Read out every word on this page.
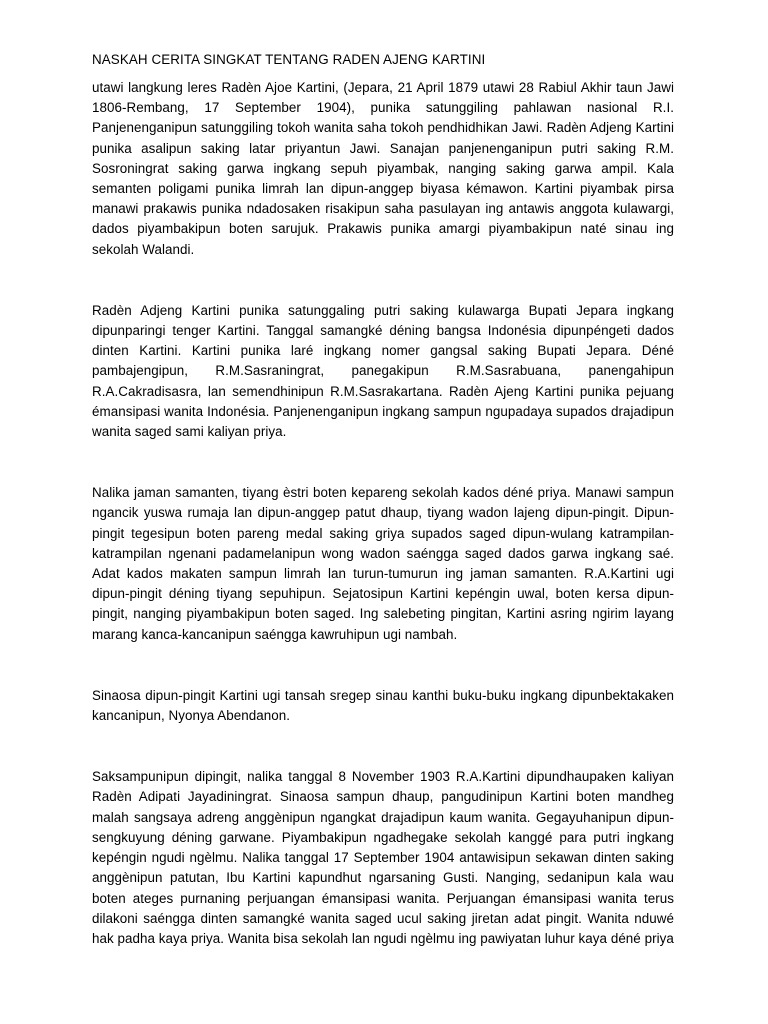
NASKAH CERITA SINGKAT TENTANG RADEN AJENG KARTINI

utawi langkung leres Radèn Ajoe Kartini, (Jepara, 21 April 1879 utawi 28 Rabiul Akhir taun Jawi 1806-Rembang, 17 September 1904), punika satunggiling pahlawan nasional R.I. Panjenenganipun satunggiling tokoh wanita saha tokoh pendhidhikan Jawi. Radèn Adjeng Kartini punika asalipun saking latar priyantun Jawi. Sanajan panjenenganipun putri saking R.M. Sosroningrat saking garwa ingkang sepuh piyambak, nanging saking garwa ampil. Kala semanten poligami punika limrah lan dipun-anggep biyasa kémawon. Kartini piyambak pirsa manawi prakawis punika ndadosaken risakipun saha pasulayan ing antawis anggota kulawargi, dados piyambakipun boten sarujuk. Prakawis punika amargi piyambakipun naté sinau ing sekolah Walandi.

Radèn Adjeng Kartini punika satunggaling putri saking kulawarga Bupati Jepara ingkang dipunparingi tenger Kartini. Tanggal samangké déning bangsa Indonésia dipunpéngeti dados dinten Kartini. Kartini punika laré ingkang nomer gangsal saking Bupati Jepara. Déné pambajengipun, R.M.Sasraningrat, panegakipun R.M.Sasrabuana, panengahipun R.A.Cakradisasra, lan semendhinipun R.M.Sasrakartana. Radèn Ajeng Kartini punika pejuang émansipasi wanita Indonésia. Panjenenganipun ingkang sampun ngupadaya supados drajadipun wanita saged sami kaliyan priya.

Nalika jaman samanten, tiyang èstri boten kepareng sekolah kados déné priya. Manawi sampun ngancik yuswa rumaja lan dipun-anggep patut dhaup, tiyang wadon lajeng dipun-pingit. Dipun-pingit tegesipun boten pareng medal saking griya supados saged dipun-wulang katrampilan-katrampilan ngenani padamelanipun wong wadon saéngga saged dados garwa ingkang saé. Adat kados makaten sampun limrah lan turun-tumurun ing jaman samanten. R.A.Kartini ugi dipun-pingit déning tiyang sepuhipun. Sejatosipun Kartini kepéngin uwal, boten kersa dipun-pingit, nanging piyambakipun boten saged. Ing salebeting pingitan, Kartini asring ngirim layang marang kanca-kancanipun saéngga kawruhipun ugi nambah.

Sinaosa dipun-pingit Kartini ugi tansah sregep sinau kanthi buku-buku ingkang dipunbektakaken kancanipun, Nyonya Abendanon.

Saksampunipun dipingit, nalika tanggal 8 November 1903 R.A.Kartini dipundhaupaken kaliyan Radèn Adipati Jayadiningrat. Sinaosa sampun dhaup, pangudinipun Kartini boten mandheg malah sangsaya adreng anggènipun ngangkat drajadipun kaum wanita. Gegayuhanipun dipun-sengkuyung déning garwane. Piyambakipun ngadhegake sekolah kanggé para putri ingkang kepéngin ngudi ngèlmu. Nalika tanggal 17 September 1904 antawisipun sekawan dinten saking anggènipun patutan, Ibu Kartini kapundhut ngarsaning Gusti. Nanging, sedanipun kala wau boten ateges purnaning perjuangan émansipasi wanita. Perjuangan émansipasi wanita terus dilakoni saéngga dinten samangké wanita saged ucul saking jiretan adat pingit. Wanita nduwé hak padha kaya priya. Wanita bisa sekolah lan ngudi ngèlmu ing pawiyatan luhur kaya déné priya
